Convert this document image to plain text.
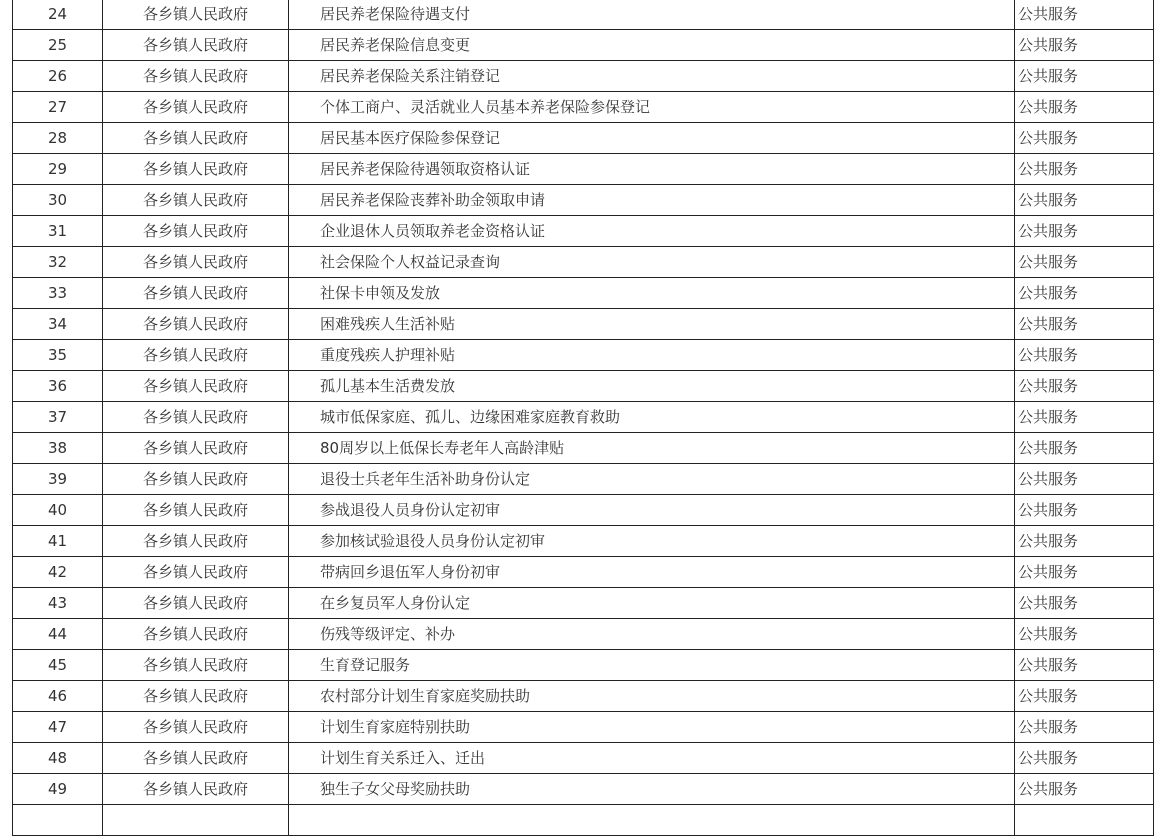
24	各乡镇人民政府	居民养老保险待遇支付	公共服务
25	各乡镇人民政府	居民养老保险信息变更	公共服务
26	各乡镇人民政府	居民养老保险关系注销登记	公共服务
27	各乡镇人民政府	个体工商户、灵活就业人员基本养老保险参保登记	公共服务
28	各乡镇人民政府	居民基本医疗保险参保登记	公共服务
29	各乡镇人民政府	居民养老保险待遇领取资格认证	公共服务
30	各乡镇人民政府	居民养老保险丧葬补助金领取申请	公共服务
31	各乡镇人民政府	企业退休人员领取养老金资格认证	公共服务
32	各乡镇人民政府	社会保险个人权益记录查询	公共服务
33	各乡镇人民政府	社保卡申领及发放	公共服务
34	各乡镇人民政府	困难残疾人生活补贴	公共服务
35	各乡镇人民政府	重度残疾人护理补贴	公共服务
36	各乡镇人民政府	孤儿基本生活费发放	公共服务
37	各乡镇人民政府	城市低保家庭、孤儿、边缘困难家庭教育救助	公共服务
38	各乡镇人民政府	80周岁以上低保长寿老年人高龄津贴	公共服务
39	各乡镇人民政府	退役士兵老年生活补助身份认定	公共服务
40	各乡镇人民政府	参战退役人员身份认定初审	公共服务
41	各乡镇人民政府	参加核试验退役人员身份认定初审	公共服务
42	各乡镇人民政府	带病回乡退伍军人身份初审	公共服务
43	各乡镇人民政府	在乡复员军人身份认定	公共服务
44	各乡镇人民政府	伤残等级评定、补办	公共服务
45	各乡镇人民政府	生育登记服务	公共服务
46	各乡镇人民政府	农村部分计划生育家庭奖励扶助	公共服务
47	各乡镇人民政府	计划生育家庭特别扶助	公共服务
48	各乡镇人民政府	计划生育关系迁入、迁出	公共服务
49	各乡镇人民政府	独生子女父母奖励扶助	公共服务
